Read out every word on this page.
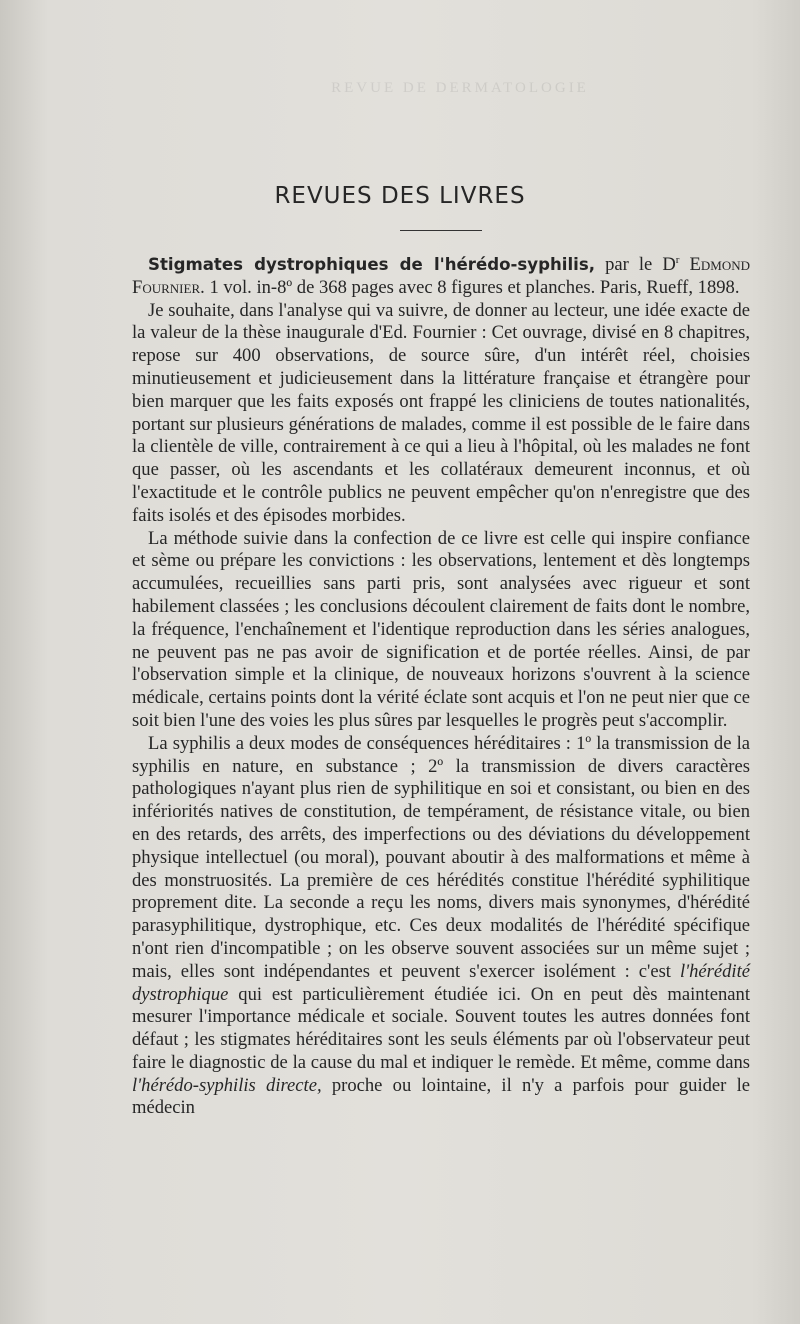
REVUE DE DERMATOLOGIE
REVUES DES LIVRES

Stigmates dystrophiques de l'hérédo-syphilis, par le $D^r$ Edmond Fournier. 1 vol. in-8º de 368 pages avec 8 figures et planches. Paris, Rueff, 1898.

Je souhaite, dans l'analyse qui va suivre, de donner au lecteur, une idée exacte de la valeur de la thèse inaugurale d'Ed. Fournier : Cet ouvrage, divisé en 8 chapitres, repose sur 400 observations, de source sûre, d'un intérêt réel, choisies minutieusement et judicieusement dans la littérature française et étrangère pour bien marquer que les faits exposés ont frappé les cliniciens de toutes nationalités, portant sur plusieurs générations de malades, comme il est possible de le faire dans la clientèle de ville, contrairement à ce qui a lieu à l'hôpital, où les malades ne font que passer, où les ascendants et les collatéraux demeurent inconnus, et où l'exactitude et le contrôle publics ne peuvent empêcher qu'on n'enregistre que des faits isolés et des épisodes morbides.

La méthode suivie dans la confection de ce livre est celle qui inspire confiance et sème ou prépare les convictions : les observations, lentement et dès longtemps accumulées, recueillies sans parti pris, sont analysées avec rigueur et sont habilement classées ; les conclusions découlent clairement de faits dont le nombre, la fréquence, l'enchaînement et l'identique reproduction dans les séries analogues, ne peuvent pas ne pas avoir de signification et de portée réelles. Ainsi, de par l'observation simple et la clinique, de nouveaux horizons s'ouvrent à la science médicale, certains points dont la vérité éclate sont acquis et l'on ne peut nier que ce soit bien l'une des voies les plus sûres par lesquelles le progrès peut s'accomplir.

La syphilis a deux modes de conséquences héréditaires : 1º la transmission de la syphilis en nature, en substance ; 2º la transmission de divers caractères pathologiques n'ayant plus rien de syphilitique en soi et consistant, ou bien en des infériorités natives de constitution, de tempérament, de résistance vitale, ou bien en des retards, des arrêts, des imperfections ou des déviations du développement physique intellectuel (ou moral), pouvant aboutir à des malformations et même à des monstruosités. La première de ces hérédités constitue l'hérédité syphilitique proprement dite. La seconde a reçu les noms, divers mais synonymes, d'hérédité parasyphilitique, dystrophique, etc. Ces deux modalités de l'hérédité spécifique n'ont rien d'incompatible ; on les observe souvent associées sur un même sujet ; mais, elles sont indépendantes et peuvent s'exercer isolément : c'est l'hérédité dystrophique qui est particulièrement étudiée ici. On en peut dès maintenant mesurer l'importance médicale et sociale. Souvent toutes les autres données font défaut ; les stigmates héréditaires sont les seuls éléments par où l'observateur peut faire le diagnostic de la cause du mal et indiquer le remède. Et même, comme dans l'hérédo-syphilis directe, proche ou lointaine, il n'y a parfois pour guider le médecin
